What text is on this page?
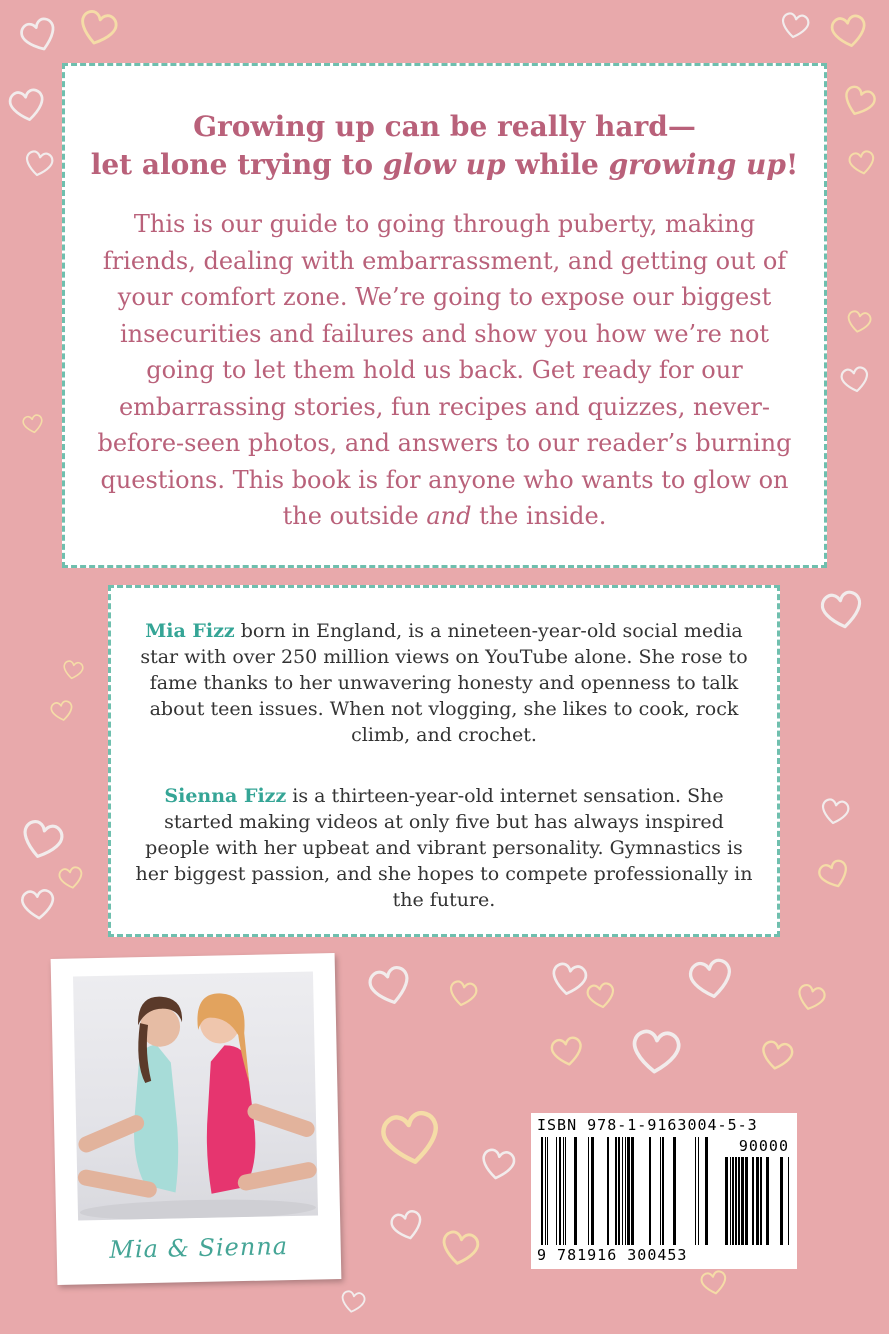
Growing up can be really hard—
let alone trying to glow up while growing up!
This is our guide to going through puberty, making friends, dealing with embarrassment, and getting out of your comfort zone. We’re going to expose our biggest insecurities and failures and show you how we’re not going to let them hold us back. Get ready for our embarrassing stories, fun recipes and quizzes, never-before-seen photos, and answers to our reader’s burning questions. This book is for anyone who wants to glow on the outside and the inside.
Mia Fizz born in England, is a nineteen-year-old social media star with over 250 million views on YouTube alone. She rose to fame thanks to her unwavering honesty and openness to talk about teen issues. When not vlogging, she likes to cook, rock climb, and crochet.
Sienna Fizz is a thirteen-year-old internet sensation. She started making videos at only five but has always inspired people with her upbeat and vibrant personality. Gymnastics is her biggest passion, and she hopes to compete professionally in the future.
Mia & Sienna
ISBN 978-1-9163004-5-3
90000
9 781916 300453
